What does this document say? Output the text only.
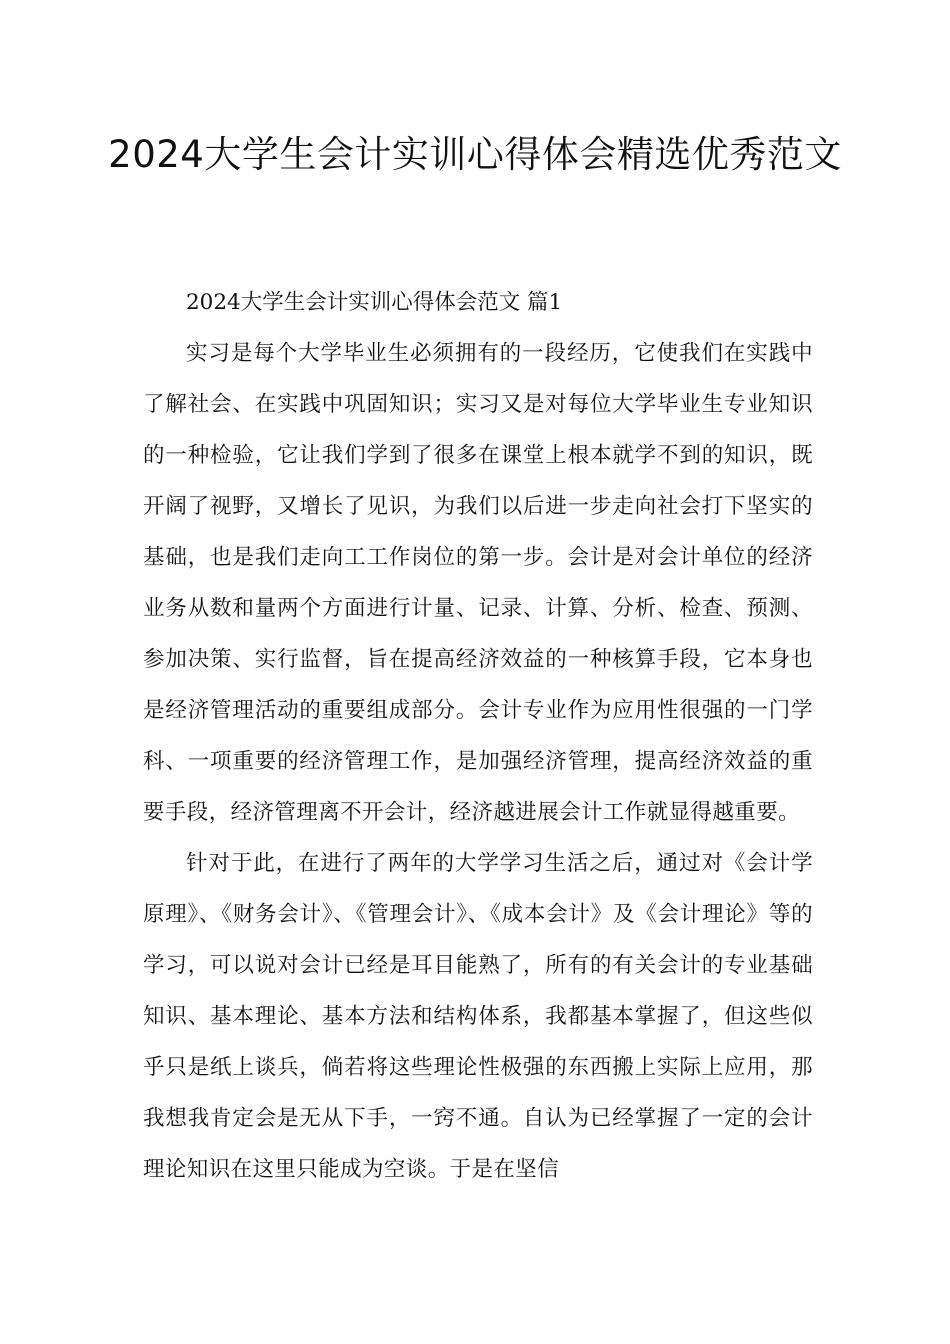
2024大学生会计实训心得体会精选优秀范文

2024大学生会计实训心得体会范文 篇1

实习是每个大学毕业生必须拥有的一段经历，它使我们在实践中了解社会、在实践中巩固知识；实习又是对每位大学毕业生专业知识的一种检验，它让我们学到了很多在课堂上根本就学不到的知识，既开阔了视野，又增长了见识，为我们以后进一步走向社会打下坚实的基础，也是我们走向工工作岗位的第一步。会计是对会计单位的经济业务从数和量两个方面进行计量、记录、计算、分析、检查、预测、参加决策、实行监督，旨在提高经济效益的一种核算手段，它本身也是经济管理活动的重要组成部分。会计专业作为应用性很强的一门学科、一项重要的经济管理工作，是加强经济管理，提高经济效益的重要手段，经济管理离不开会计，经济越进展会计工作就显得越重要。

针对于此，在进行了两年的大学学习生活之后，通过对《会计学原理》、《财务会计》、《管理会计》、《成本会计》及《会计理论》等的学习，可以说对会计已经是耳目能熟了，所有的有关会计的专业基础知识、基本理论、基本方法和结构体系，我都基本掌握了，但这些似乎只是纸上谈兵，倘若将这些理论性极强的东西搬上实际上应用，那我想我肯定会是无从下手，一窍不通。自认为已经掌握了一定的会计理论知识在这里只能成为空谈。于是在坚信
